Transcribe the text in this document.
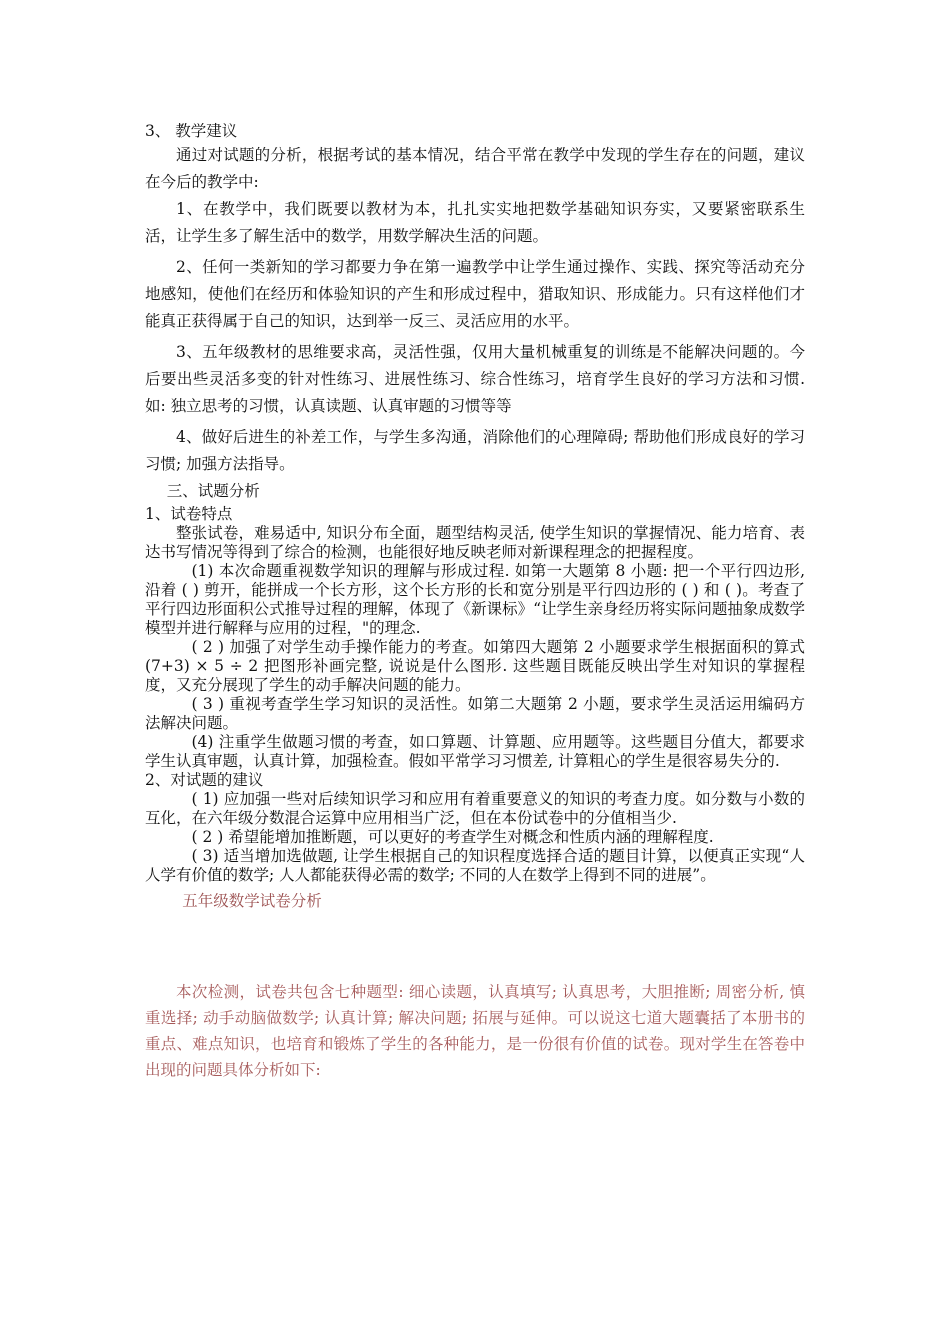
3、 教学建议

通过对试题的分析，根据考试的基本情况，结合平常在教学中发现的学生存在的问题，建议在今后的教学中:

1、在教学中，我们既要以教材为本，扎扎实实地把数学基础知识夯实，又要紧密联系生活，让学生多了解生活中的数学，用数学解决生活的问题。

2、任何一类新知的学习都要力争在第一遍教学中让学生通过操作、实践、探究等活动充分地感知，使他们在经历和体验知识的产生和形成过程中，猎取知识、形成能力。只有这样他们才能真正获得属于自己的知识，达到举一反三、灵活应用的水平。

3、五年级教材的思维要求高，灵活性强，仅用大量机械重复的训练是不能解决问题的。今后要出些灵活多变的针对性练习、进展性练习、综合性练习，培育学生良好的学习方法和习惯. 如: 独立思考的习惯，认真读题、认真审题的习惯等等

4、做好后进生的补差工作，与学生多沟通，消除他们的心理障碍; 帮助他们形成良好的学习习惯; 加强方法指导。

三、试题分析

1、试卷特点

整张试卷，难易适中, 知识分布全面，题型结构灵活, 使学生知识的掌握情况、能力培育、表达书写情况等得到了综合的检测，也能很好地反映老师对新课程理念的把握程度。

(1) 本次命题重视数学知识的理解与形成过程. 如第一大题第 8 小题: 把一个平行四边形, 沿着 ( ) 剪开，能拼成一个长方形，这个长方形的长和宽分别是平行四边形的 ( ) 和 ( )。考查了平行四边形面积公式推导过程的理解，体现了《新课标》“让学生亲身经历将实际问题抽象成数学模型并进行解释与应用的过程，"的理念.

( 2 ) 加强了对学生动手操作能力的考查。如第四大题第 2 小题要求学生根据面积的算式 (7+3) × 5 ÷ 2 把图形补画完整, 说说是什么图形. 这些题目既能反映出学生对知识的掌握程度，又充分展现了学生的动手解决问题的能力。

( 3 ) 重视考查学生学习知识的灵活性。如第二大题第 2 小题，要求学生灵活运用编码方法解决问题。

(4) 注重学生做题习惯的考查，如口算题、计算题、应用题等。这些题目分值大，都要求学生认真审题，认真计算，加强检查。假如平常学习习惯差, 计算粗心的学生是很容易失分的.

2、对试题的建议

( 1) 应加强一些对后续知识学习和应用有着重要意义的知识的考查力度。如分数与小数的互化，在六年级分数混合运算中应用相当广泛，但在本份试卷中的分值相当少.

( 2 ) 希望能增加推断题，可以更好的考查学生对概念和性质内涵的理解程度.

( 3) 适当增加选做题, 让学生根据自己的知识程度选择合适的题目计算，以便真正实现“人人学有价值的数学; 人人都能获得必需的数学; 不同的人在数学上得到不同的进展”。

五年级数学试卷分析

本次检测，试卷共包含七种题型: 细心读题，认真填写; 认真思考，大胆推断; 周密分析, 慎重选择; 动手动脑做数学; 认真计算; 解决问题; 拓展与延伸。可以说这七道大题囊括了本册书的重点、难点知识，也培育和锻炼了学生的各种能力，是一份很有价值的试卷。现对学生在答卷中出现的问题具体分析如下:
